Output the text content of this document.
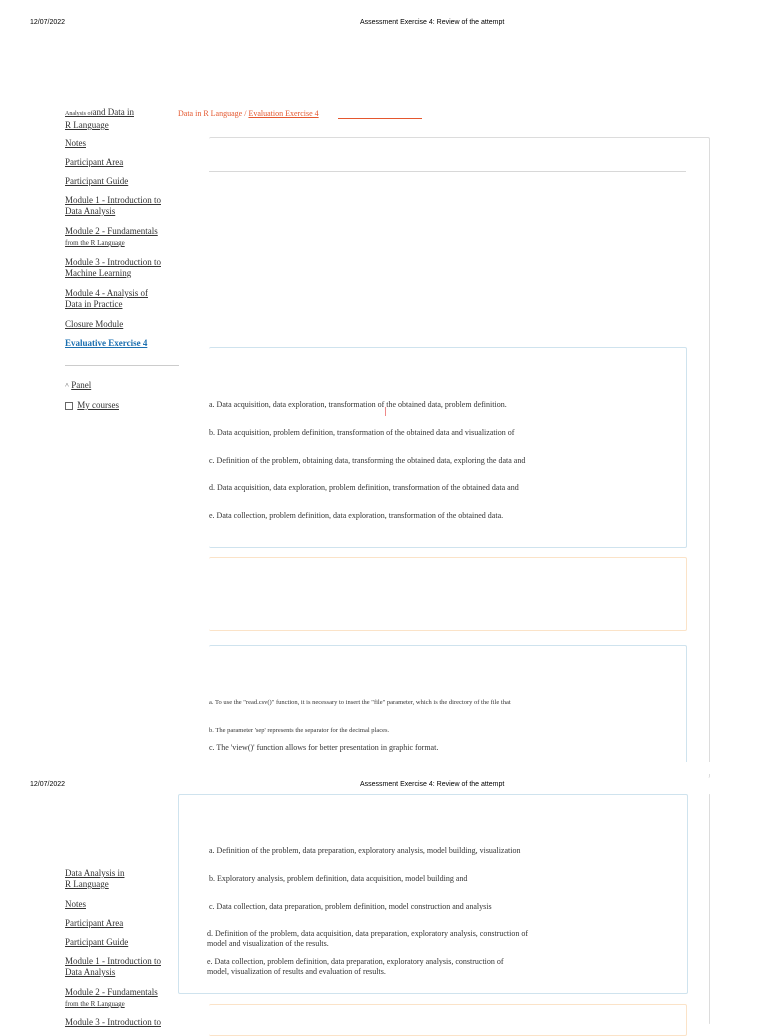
12/07/2022	Assessment Exercise 4: Review of the attempt
Data in R Language / Evaluation Exercise 4
Analysis ofand Data in
R Language
Notes
Participant Area
Participant Guide
Module 1 - Introduction to
Data Analysis
Module 2 - Fundamentals
from the R Language
Module 3 - Introduction to
Machine Learning
Module 4 - Analysis of
Data in Practice
Closure Module
Evaluative Exercise 4
˄ Panel
My courses	a. Data acquisition, data exploration, transformation of the obtained data, problem definition.
b. Data acquisition, problem definition, transformation of the obtained data and visualization of
c. Definition of the problem, obtaining data, transforming the obtained data, exploring the data and
d. Data acquisition, data exploration, problem definition, transformation of the obtained data and
e. Data collection, problem definition, data exploration, transformation of the obtained data.
a. To use the "read.csv()" function, it is necessary to insert the "file" parameter, which is the directory of the file that
b. The parameter 'sep' represents the separator for the decimal places.
c. The 'view()' function allows for better presentation in graphic format.
12/07/2022	Assessment Exercise 4: Review of the attempt
a. Definition of the problem, data preparation, exploratory analysis, model building, visualization
b. Exploratory analysis, problem definition, data acquisition, model building and
c. Data collection, data preparation, problem definition, model construction and analysis
d. Definition of the problem, data acquisition, data preparation, exploratory analysis, construction of
model and visualization of the results.
e. Data collection, problem definition, data preparation, exploratory analysis, construction of
model, visualization of results and evaluation of results.
Data Analysis in
R Language
Notes
Participant Area
Participant Guide
Module 1 - Introduction to
Data Analysis
Module 2 - Fundamentals
from the R Language
Module 3 - Introduction to
